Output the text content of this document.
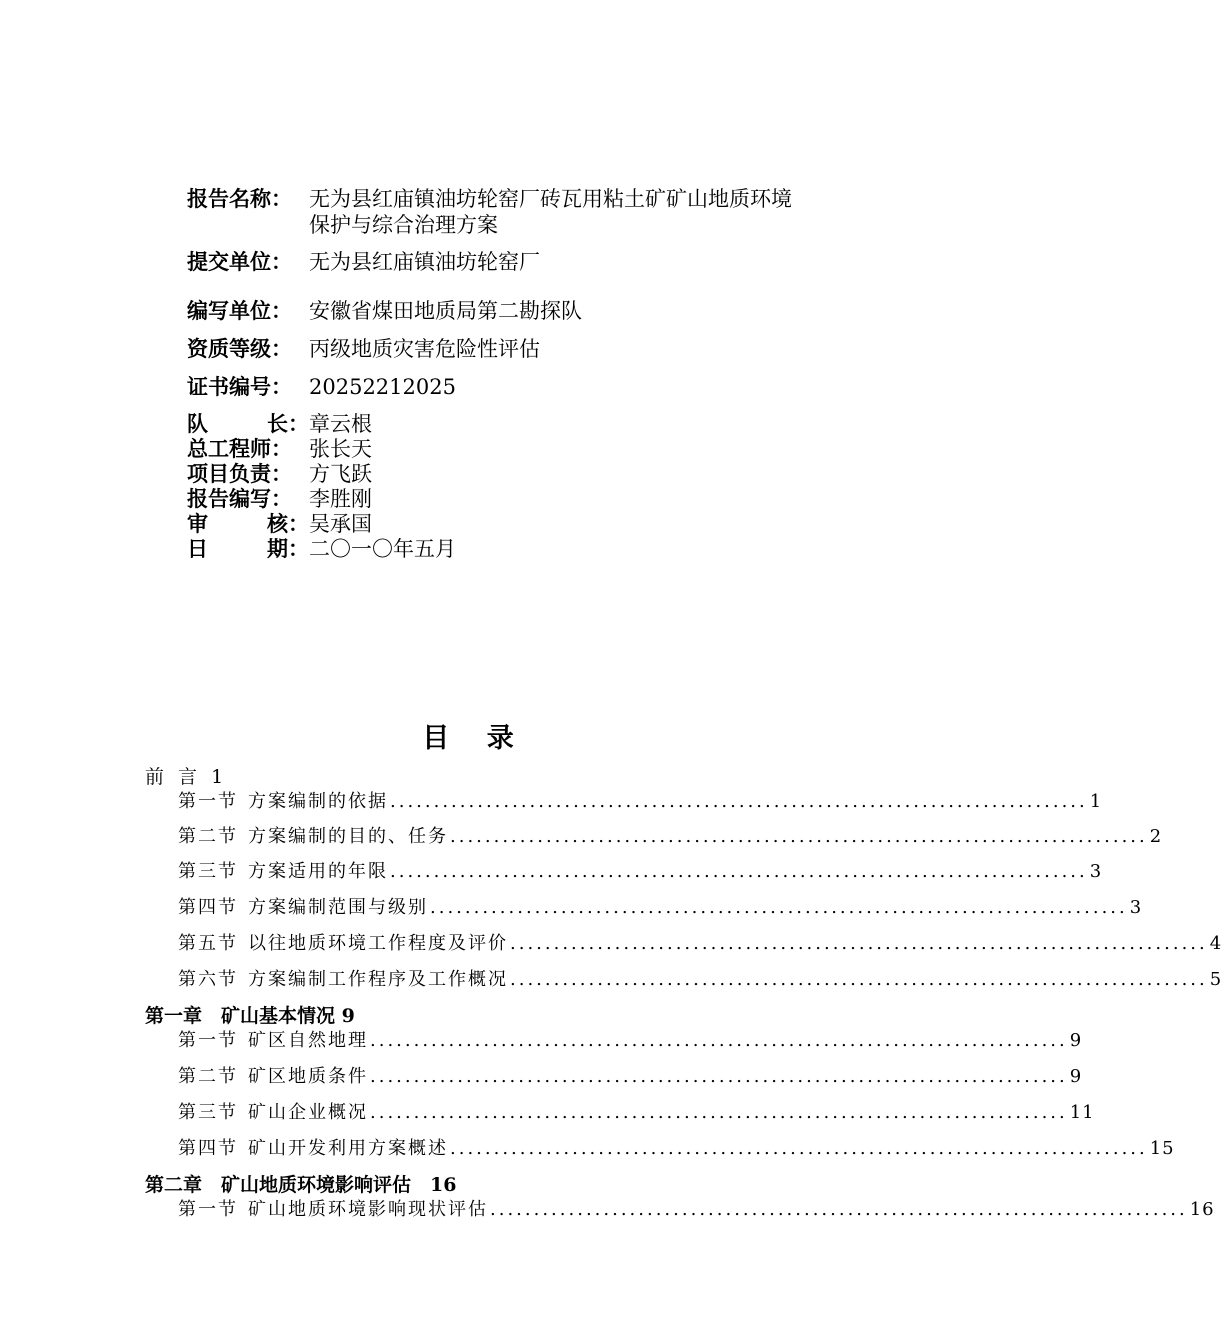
报告名称： 无为县红庙镇油坊轮窑厂砖瓦用粘土矿矿山地质环境保护与综合治理方案
提交单位： 无为县红庙镇油坊轮窑厂
编写单位： 安徽省煤田地质局第二勘探队
资质等级： 丙级地质灾害危险性评估
证书编号： 20252212025
队	长： 章云根
总工程师： 张长天
项目负责： 方飞跃
报告编写： 李胜刚
审	核： 吴承国
日	期： 二〇一〇年五月
目 录
前 言 1
第一节 方案编制的依据 ................................................................................ 1
第二节 方案编制的目的、任务 ................................................................................ 2
第三节 方案适用的年限 ................................................................................ 3
第四节 方案编制范围与级别 ................................................................................ 3
第五节 以往地质环境工作程度及评价 ................................................................................ 4
第六节 方案编制工作程序及工作概况 ................................................................................ 5
第一章　矿山基本情况 9
第一节 矿区自然地理 ................................................................................ 9
第二节 矿区地质条件 ................................................................................ 9
第三节 矿山企业概况 ................................................................................ 11
第四节 矿山开发利用方案概述 ................................................................................ 15
第二章　矿山地质环境影响评估　16
第一节 矿山地质环境影响现状评估 ................................................................................ 16
